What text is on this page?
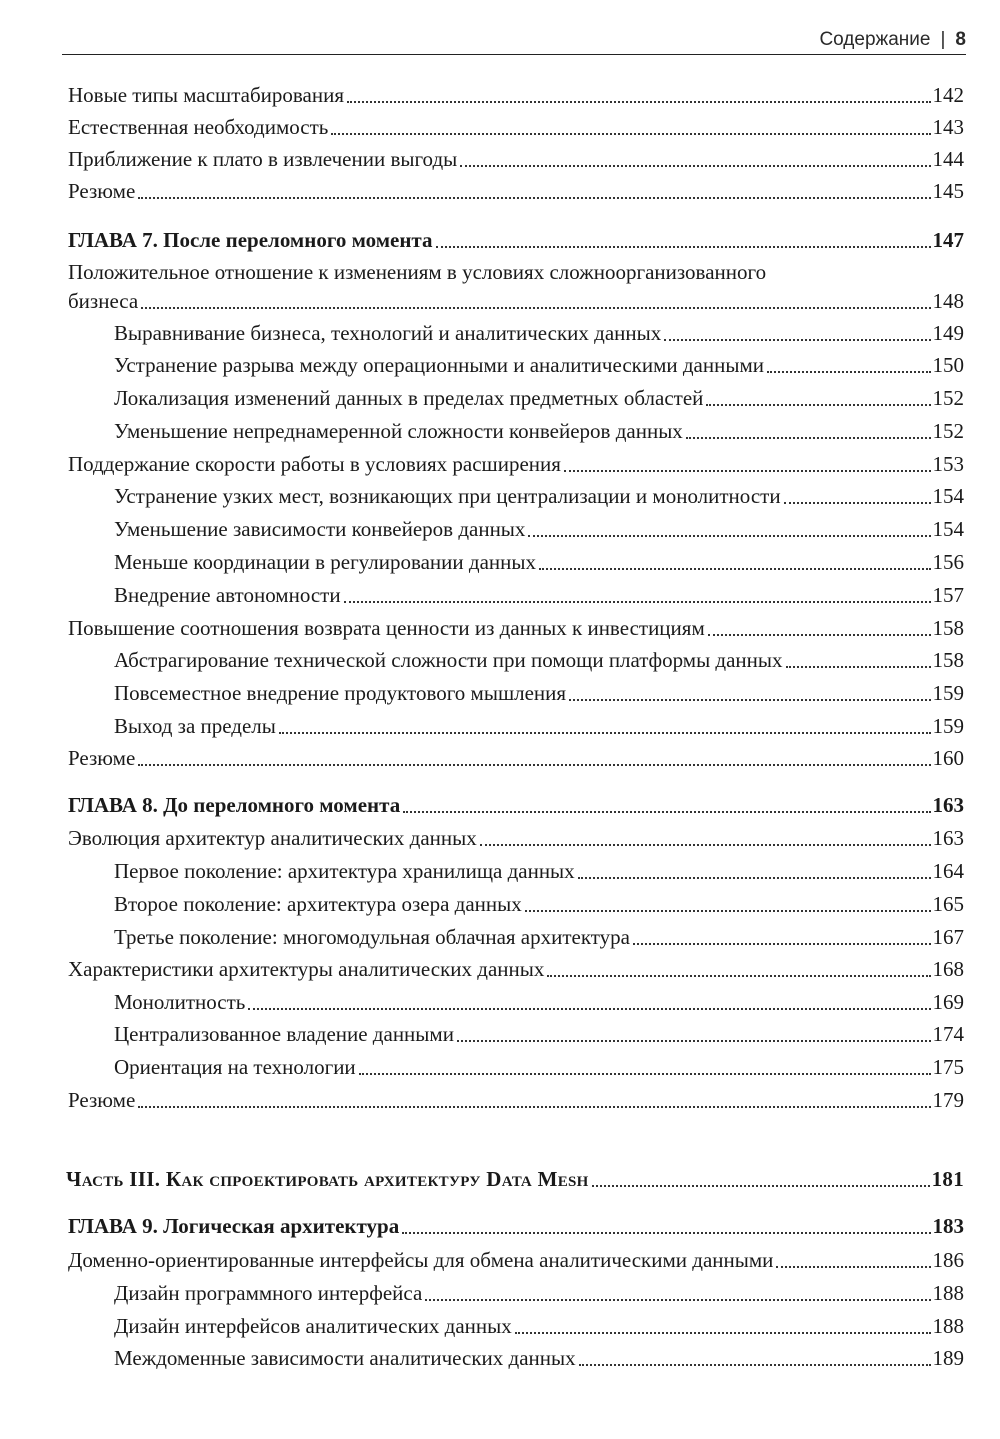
Содержание | 8
Новые типы масштабирования	142
Естественная необходимость	143
Приближение к плато в извлечении выгоды	144
Резюме	145
ГЛАВА 7. После переломного момента	147
Положительное отношение к изменениям в условиях сложноорганизованного
бизнеса	148
Выравнивание бизнеса, технологий и аналитических данных	149
Устранение разрыва между операционными и аналитическими данными	150
Локализация изменений данных в пределах предметных областей	152
Уменьшение непреднамеренной сложности конвейеров данных	152
Поддержание скорости работы в условиях расширения	153
Устранение узких мест, возникающих при централизации и монолитности	154
Уменьшение зависимости конвейеров данных	154
Меньше координации в регулировании данных	156
Внедрение автономности	157
Повышение соотношения возврата ценности из данных к инвестициям	158
Абстрагирование технической сложности при помощи платформы данных	158
Повсеместное внедрение продуктового мышления	159
Выход за пределы	159
Резюме	160
ГЛАВА 8. До переломного момента	163
Эволюция архитектур аналитических данных	163
Первое поколение: архитектура хранилища данных	164
Второе поколение: архитектура озера данных	165
Третье поколение: многомодульная облачная архитектура	167
Характеристики архитектуры аналитических данных	168
Монолитность	169
Централизованное владение данными	174
Ориентация на технологии	175
Резюме	179
Часть III. Как спроектировать архитектуру Data Mesh	181
ГЛАВА 9. Логическая архитектура	183
Доменно-ориентированные интерфейсы для обмена аналитическими данными	186
Дизайн программного интерфейса	188
Дизайн интерфейсов аналитических данных	188
Междоменные зависимости аналитических данных	189
